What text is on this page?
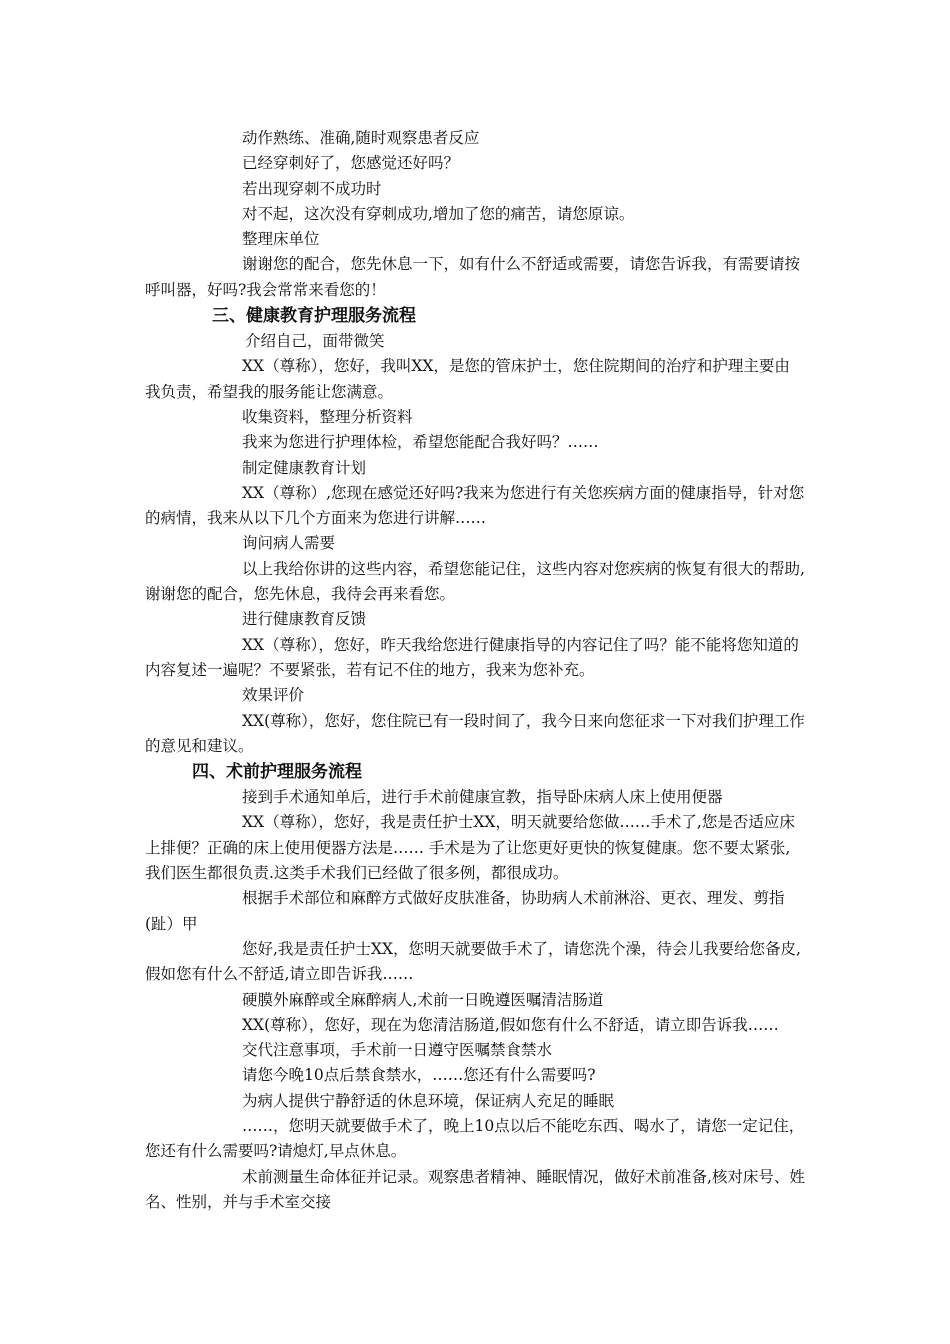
动作熟练、准确,随时观察患者反应

已经穿刺好了，您感觉还好吗？

若出现穿刺不成功时

对不起，这次没有穿刺成功,增加了您的痛苦，请您原谅。

整理床单位

谢谢您的配合，您先休息一下，如有什么不舒适或需要，请您告诉我，有需要请按呼叫器，好吗?我会常常来看您的！

三、健康教育护理服务流程

介绍自己，面带微笑

XX（尊称），您好，我叫XX，是您的管床护士，您住院期间的治疗和护理主要由我负责，希望我的服务能让您满意。

收集资料，整理分析资料

我来为您进行护理体检，希望您能配合我好吗？……

制定健康教育计划

XX（尊称）,您现在感觉还好吗?我来为您进行有关您疾病方面的健康指导，针对您的病情，我来从以下几个方面来为您进行讲解……

询问病人需要

以上我给你讲的这些内容，希望您能记住，这些内容对您疾病的恢复有很大的帮助,谢谢您的配合，您先休息，我待会再来看您。

进行健康教育反馈

XX（尊称），您好，昨天我给您进行健康指导的内容记住了吗？能不能将您知道的内容复述一遍呢？不要紧张，若有记不住的地方，我来为您补充。

效果评价

XX(尊称），您好，您住院已有一段时间了，我今日来向您征求一下对我们护理工作的意见和建议。

四、术前护理服务流程

接到手术通知单后，进行手术前健康宣教，指导卧床病人床上使用便器

XX（尊称），您好，我是责任护士XX，明天就要给您做……手术了,您是否适应床上排便？正确的床上使用便器方法是…… 手术是为了让您更好更快的恢复健康。您不要太紧张,我们医生都很负责.这类手术我们已经做了很多例，都很成功。

根据手术部位和麻醉方式做好皮肤准备，协助病人术前淋浴、更衣、理发、剪指(趾）甲

您好,我是责任护士XX，您明天就要做手术了，请您洗个澡，待会儿我要给您备皮,假如您有什么不舒适,请立即告诉我……

硬膜外麻醉或全麻醉病人,术前一日晚遵医嘱清洁肠道

XX(尊称），您好，现在为您清洁肠道,假如您有什么不舒适，请立即告诉我……

交代注意事项，手术前一日遵守医嘱禁食禁水

请您今晚10点后禁食禁水，……您还有什么需要吗?

为病人提供宁静舒适的休息环境，保证病人充足的睡眠

……，您明天就要做手术了，晚上10点以后不能吃东西、喝水了，请您一定记住，您还有什么需要吗?请熄灯,早点休息。

术前测量生命体征并记录。观察患者精神、睡眠情况，做好术前准备,核对床号、姓名、性别，并与手术室交接
